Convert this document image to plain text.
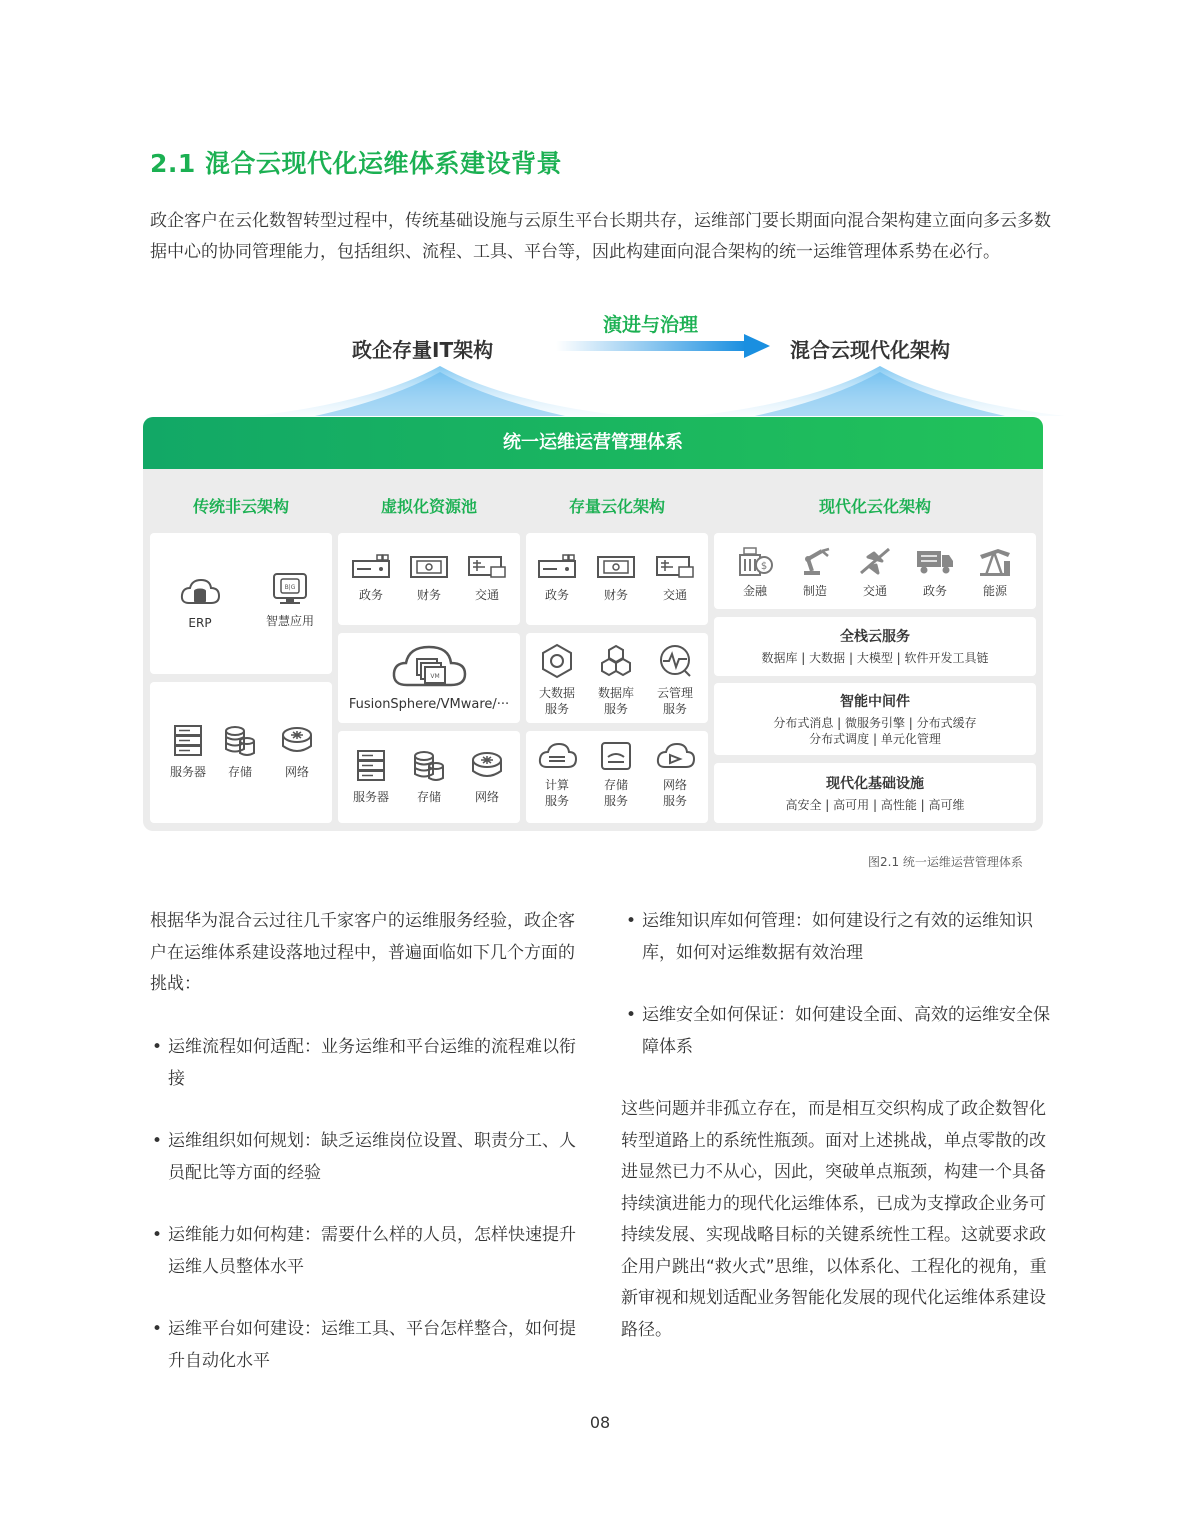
2.1 混合云现代化运维体系建设背景

政企客户在云化数智转型过程中，传统基础设施与云原生平台长期共存，运维部门要长期面向混合架构建立面向多云多数据中心的协同管理能力，包括组织、流程、工具、平台等，因此构建面向混合架构的统一运维管理体系势在必行。

政企存量IT架构	混合云现代化架构
演进与治理
统一运维运营管理体系
传统非云架构	虚拟化资源池	存量云化架构	现代化云化架构
ERP
B|G
智慧应用
服务器	存储	网络
政务	财务	交通
VM
FusionSphere/VMware/···
服务器	存储	网络
政务	财务	交通
大数据
服务
数据库
服务
云管理
服务
计算
服务
存储
服务
网络
服务
$
金融	制造	交通	政务	能源
全栈云服务
数据库 | 大数据 | 大模型 | 软件开发工具链
智能中间件
分布式消息 | 微服务引擎 | 分布式缓存
分布式调度 | 单元化管理
现代化基础设施
高安全 | 高可用 | 高性能 | 高可维
图2.1 统一运维运营管理体系

根据华为混合云过往几千家客户的运维服务经验，政企客户在运维体系建设落地过程中，普遍面临如下几个方面的挑战：

• 运维流程如何适配：业务运维和平台运维的流程难以衔接

• 运维组织如何规划：缺乏运维岗位设置、职责分工、人员配比等方面的经验

• 运维能力如何构建：需要什么样的人员，怎样快速提升运维人员整体水平

• 运维平台如何建设：运维工具、平台怎样整合，如何提升自动化水平

• 运维知识库如何管理：如何建设行之有效的运维知识库，如何对运维数据有效治理

• 运维安全如何保证：如何建设全面、高效的运维安全保障体系

这些问题并非孤立存在，而是相互交织构成了政企数智化转型道路上的系统性瓶颈。面对上述挑战，单点零散的改进显然已力不从心，因此，突破单点瓶颈，构建一个具备持续演进能力的现代化运维体系，已成为支撑政企业务可持续发展、实现战略目标的关键系统性工程。这就要求政企用户跳出“救火式”思维，以体系化、工程化的视角，重新审视和规划适配业务智能化发展的现代化运维体系建设路径。

08
